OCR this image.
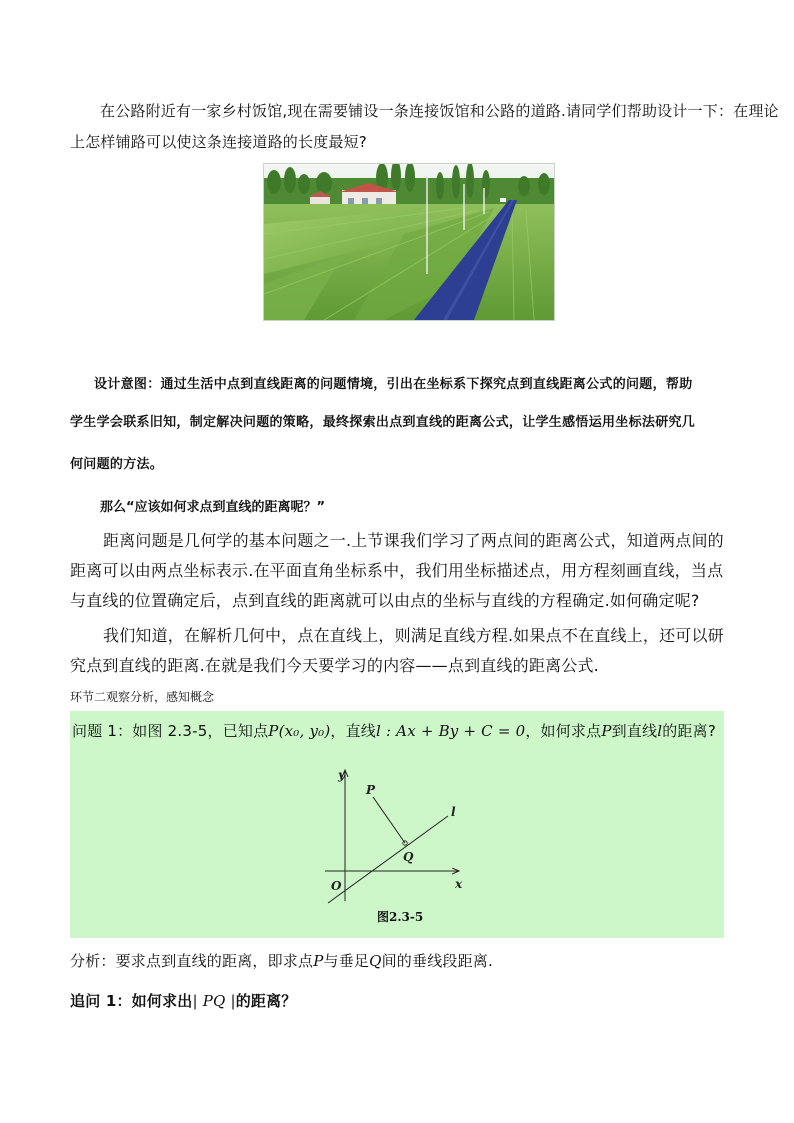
在公路附近有一家乡村饭馆,现在需要铺设一条连接饭馆和公路的道路.请同学们帮助设计一下：在理论
上怎样铺路可以使这条连接道路的长度最短?
设计意图：通过生活中点到直线距离的问题情境，引出在坐标系下探究点到直线距离公式的问题，帮助
学生学会联系旧知，制定解决问题的策略，最终探索出点到直线的距离公式，让学生感悟运用坐标法研究几
何问题的方法。
那么“应该如何求点到直线的距离呢？”
距离问题是几何学的基本问题之一.上节课我们学习了两点间的距离公式，知道两点间的
距离可以由两点坐标表示.在平面直角坐标系中，我们用坐标描述点，用方程刻画直线，当点
与直线的位置确定后，点到直线的距离就可以由点的坐标与直线的方程确定.如何确定呢?
我们知道，在解析几何中，点在直线上，则满足直线方程.如果点不在直线上，还可以研
究点到直线的距离.在就是我们今天要学习的内容——点到直线的距离公式.
环节二观察分析，感知概念
问题 1：如图 2.3-5，已知点P(x₀, y₀)，直线l : Ax + By + C = 0，如何求点P到直线l的距离?
y
x
O
P
Q
l
图2.3-5
分析：要求点到直线的距离，即求点P与垂足Q间的垂线段距离.
追问 1：如何求出| PQ |的距离？
